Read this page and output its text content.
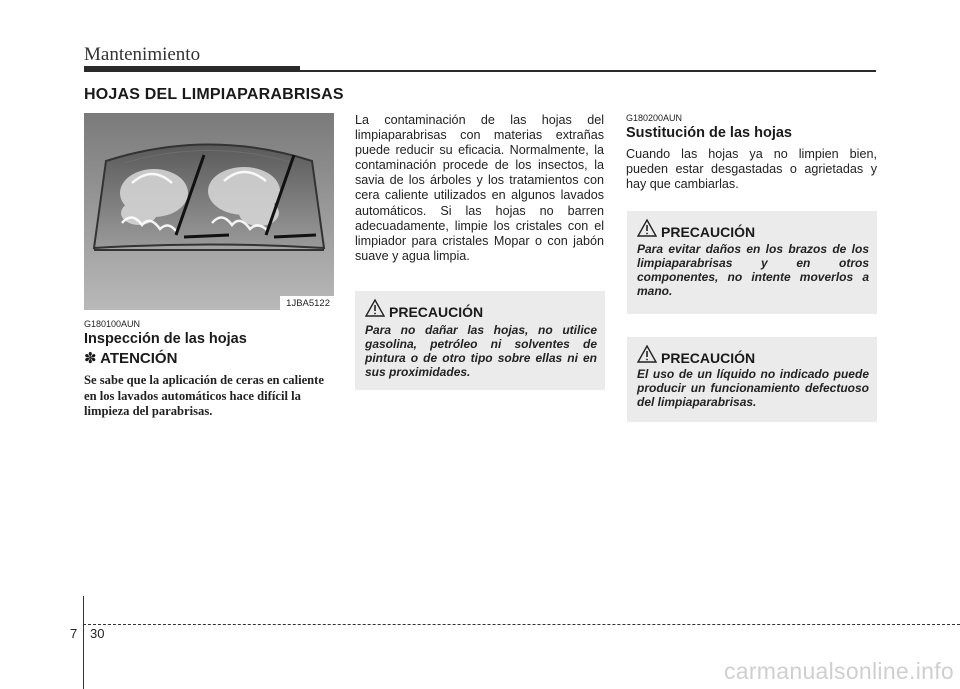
Mantenimiento
HOJAS DEL LIMPIAPARABRISAS
1JBA5122
G180100AUN
Inspección de las hojas
✽ ATENCIÓN
Se sabe que la aplicación de ceras en caliente en los lavados automáticos hace difícil la limpieza del parabrisas.
La contaminación de las hojas del limpiaparabrisas con materias extrañas puede reducir su eficacia. Normalmente, la contaminación procede de los insectos, la savia de los árboles y los tratamientos con cera caliente utilizados en algunos lavados automáticos. Si las hojas no barren adecuadamente, limpie los cristales con el limpiador para cristales Mopar o con jabón suave y agua limpia.
PRECAUCIÓN
Para no dañar las hojas, no utilice gasolina, petróleo ni solventes de pintura o de otro tipo sobre ellas ni en sus proximidades.
G180200AUN
Sustitución de las hojas
Cuando las hojas ya no limpien bien, pueden estar desgastadas o agrietadas y hay que cambiarlas.
PRECAUCIÓN
Para evitar daños en los brazos de los limpiaparabrisas y en otros componentes, no intente moverlos a mano.
PRECAUCIÓN
El uso de un líquido no indicado puede producir un funcionamiento defectuoso del limpiaparabrisas.
7 30
carmanualsonline.info
